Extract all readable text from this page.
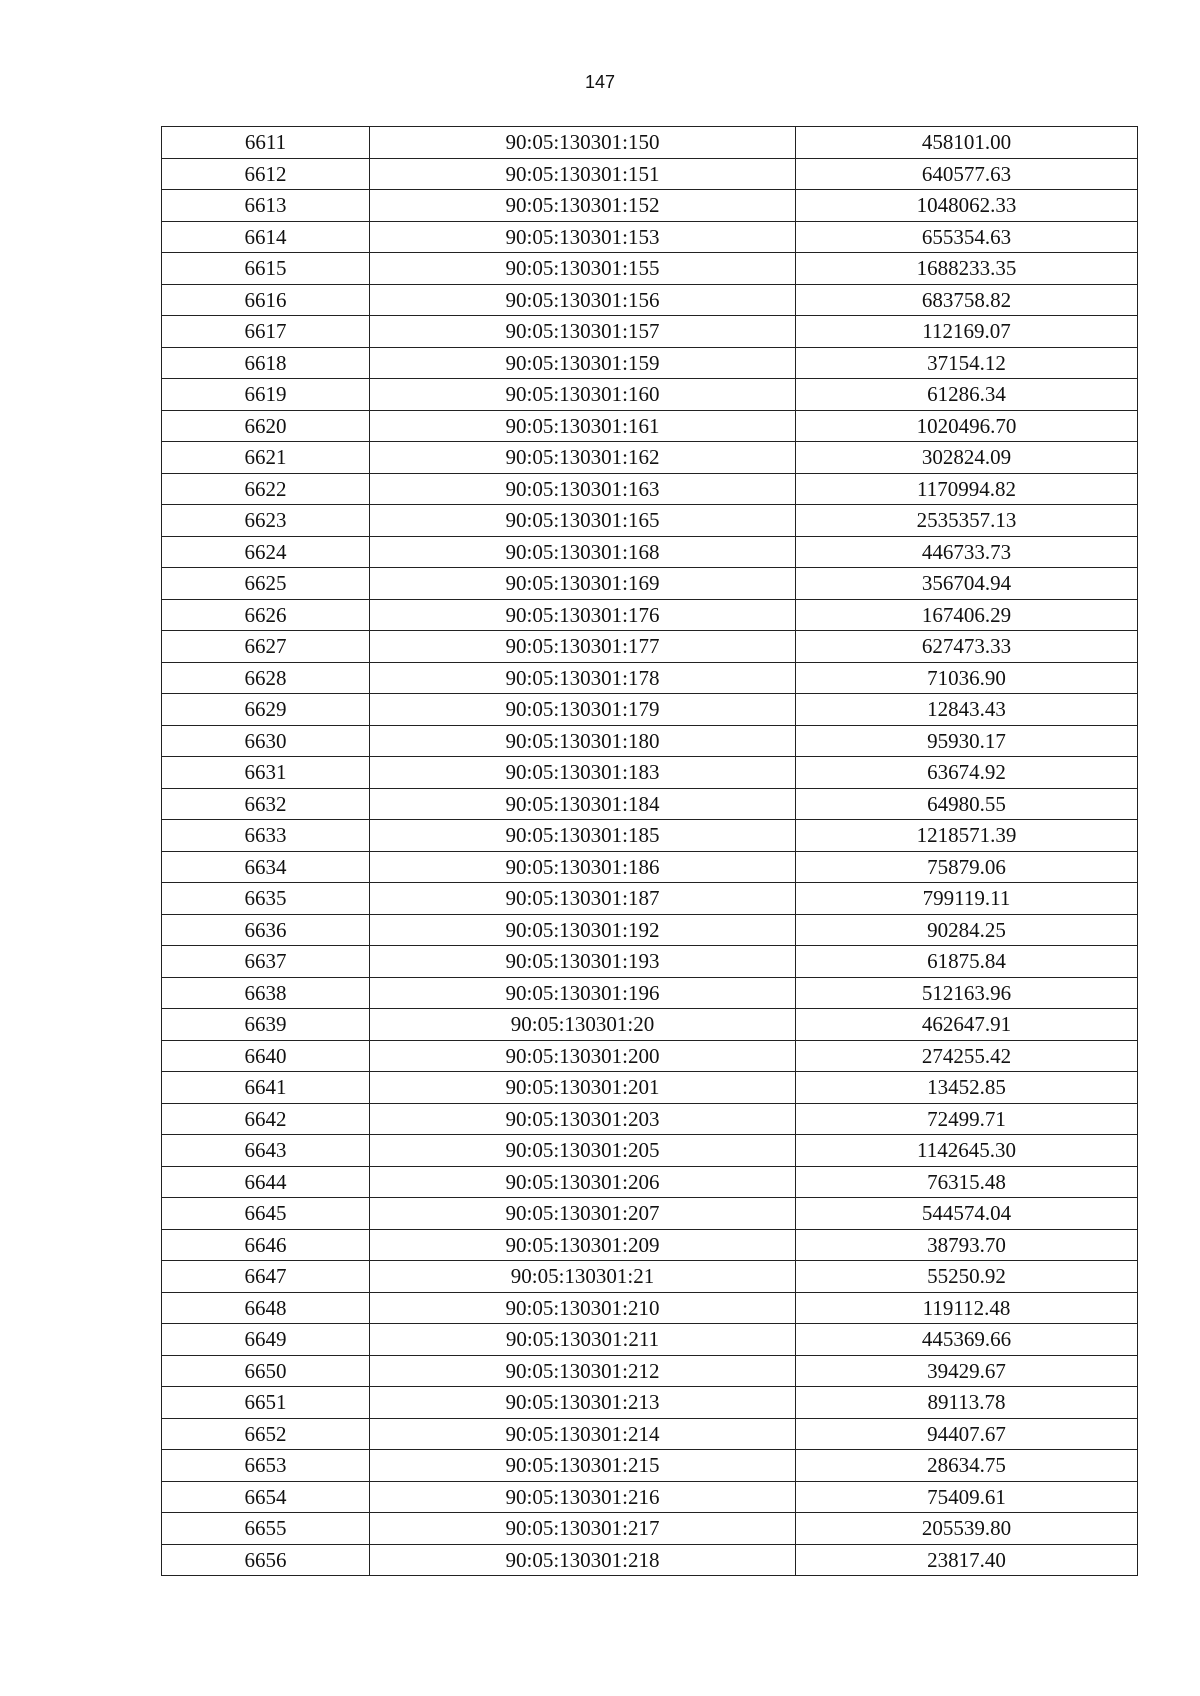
147
6611	90:05:130301:150	458101.00
6612	90:05:130301:151	640577.63
6613	90:05:130301:152	1048062.33
6614	90:05:130301:153	655354.63
6615	90:05:130301:155	1688233.35
6616	90:05:130301:156	683758.82
6617	90:05:130301:157	112169.07
6618	90:05:130301:159	37154.12
6619	90:05:130301:160	61286.34
6620	90:05:130301:161	1020496.70
6621	90:05:130301:162	302824.09
6622	90:05:130301:163	1170994.82
6623	90:05:130301:165	2535357.13
6624	90:05:130301:168	446733.73
6625	90:05:130301:169	356704.94
6626	90:05:130301:176	167406.29
6627	90:05:130301:177	627473.33
6628	90:05:130301:178	71036.90
6629	90:05:130301:179	12843.43
6630	90:05:130301:180	95930.17
6631	90:05:130301:183	63674.92
6632	90:05:130301:184	64980.55
6633	90:05:130301:185	1218571.39
6634	90:05:130301:186	75879.06
6635	90:05:130301:187	799119.11
6636	90:05:130301:192	90284.25
6637	90:05:130301:193	61875.84
6638	90:05:130301:196	512163.96
6639	90:05:130301:20	462647.91
6640	90:05:130301:200	274255.42
6641	90:05:130301:201	13452.85
6642	90:05:130301:203	72499.71
6643	90:05:130301:205	1142645.30
6644	90:05:130301:206	76315.48
6645	90:05:130301:207	544574.04
6646	90:05:130301:209	38793.70
6647	90:05:130301:21	55250.92
6648	90:05:130301:210	119112.48
6649	90:05:130301:211	445369.66
6650	90:05:130301:212	39429.67
6651	90:05:130301:213	89113.78
6652	90:05:130301:214	94407.67
6653	90:05:130301:215	28634.75
6654	90:05:130301:216	75409.61
6655	90:05:130301:217	205539.80
6656	90:05:130301:218	23817.40
